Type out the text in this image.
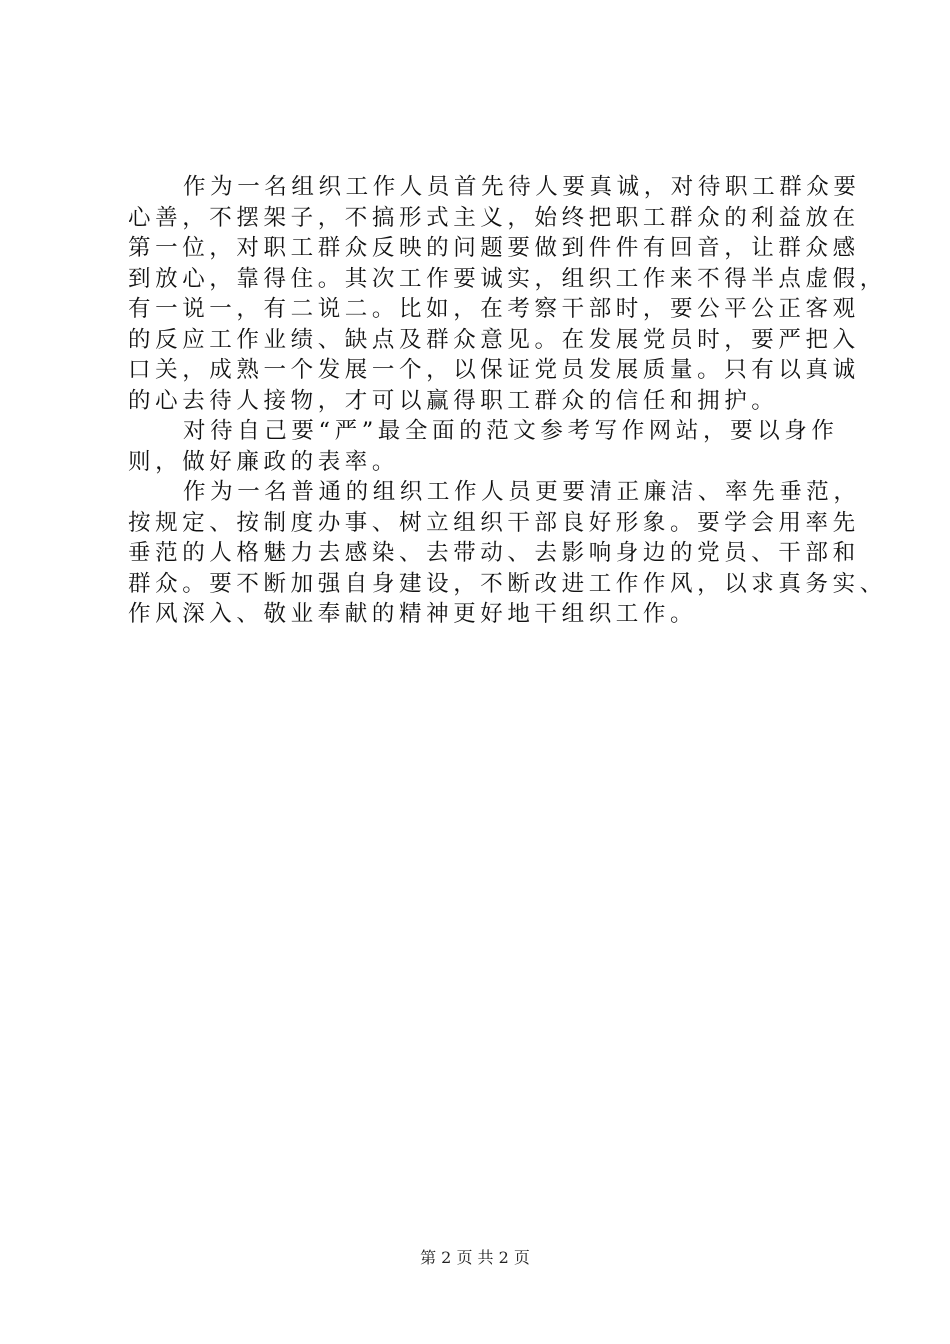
作为一名组织工作人员首先待人要真诚，对待职工群众要
心善，不摆架子，不搞形式主义，始终把职工群众的利益放在
第一位，对职工群众反映的问题要做到件件有回音，让群众感
到放心，靠得住。其次工作要诚实，组织工作来不得半点虚假，
有一说一，有二说二。比如，在考察干部时，要公平公正客观
的反应工作业绩、缺点及群众意见。在发展党员时，要严把入
口关，成熟一个发展一个，以保证党员发展质量。只有以真诚
的心去待人接物，才可以赢得职工群众的信任和拥护。
对待自己要“严”最全面的范文参考写作网站，要以身作
则，做好廉政的表率。
作为一名普通的组织工作人员更要清正廉洁、率先垂范，
按规定、按制度办事、树立组织干部良好形象。要学会用率先
垂范的人格魅力去感染、去带动、去影响身边的党员、干部和
群众。要不断加强自身建设，不断改进工作作风，以求真务实、
作风深入、敬业奉献的精神更好地干组织工作。
第 2 页 共 2 页
